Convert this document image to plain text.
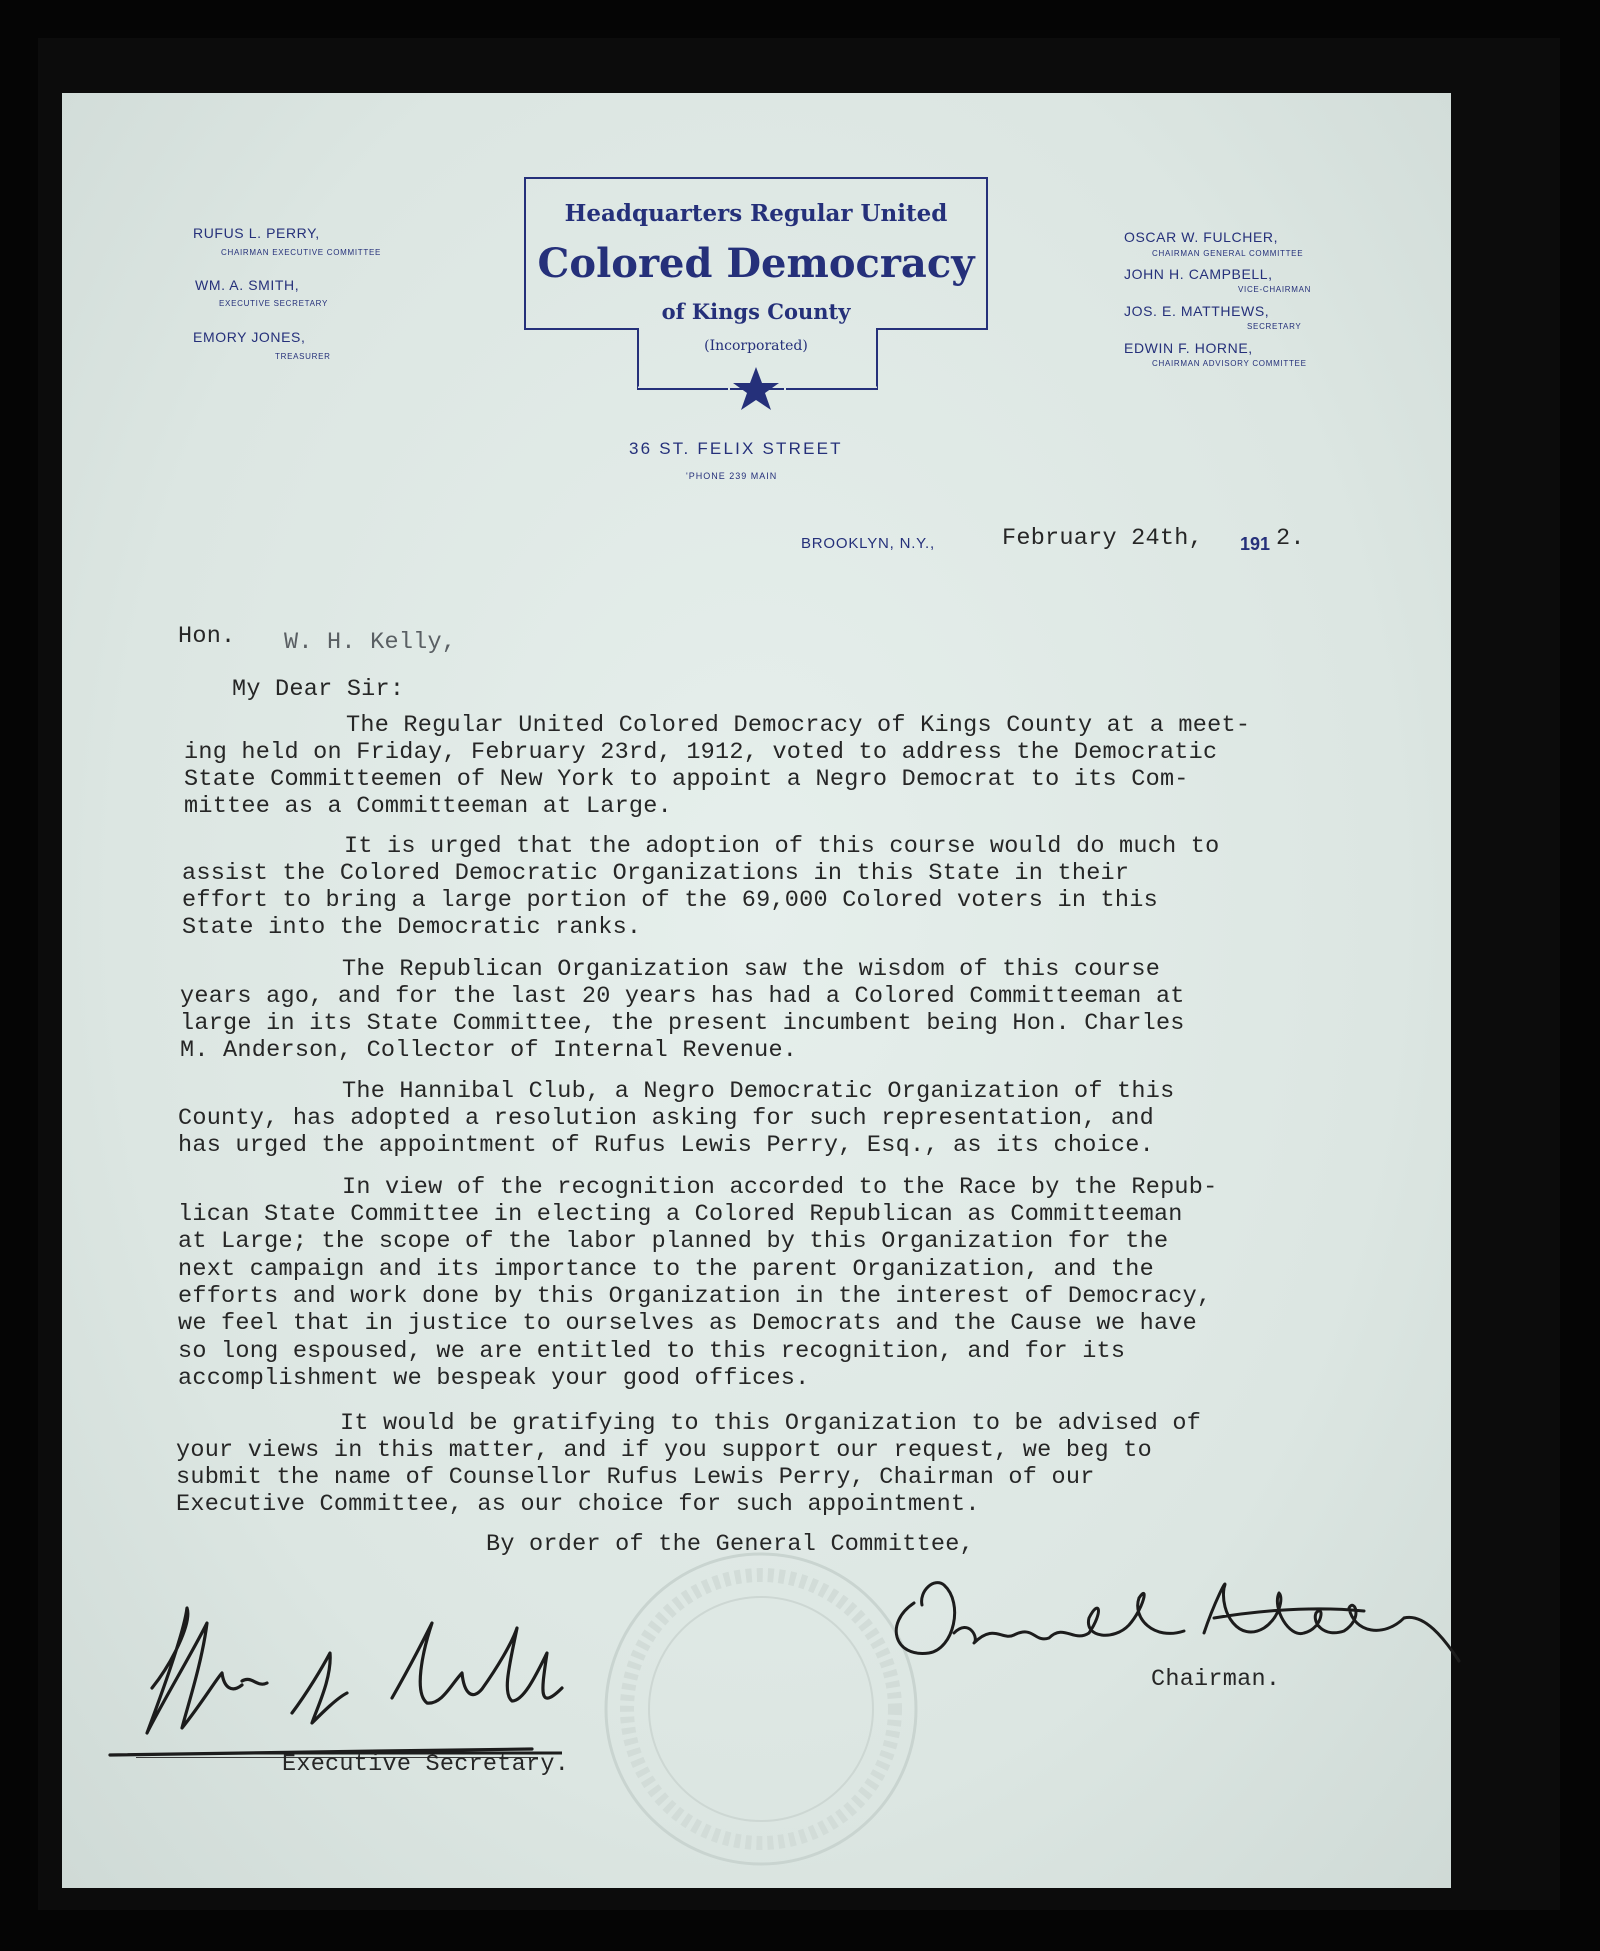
RUFUS L. PERRY,
CHAIRMAN EXECUTIVE COMMITTEE
WM. A. SMITH,
EXECUTIVE SECRETARY
EMORY JONES,
TREASURER
OSCAR W. FULCHER,
CHAIRMAN GENERAL COMMITTEE
JOHN H. CAMPBELL,
VICE-CHAIRMAN
JOS. E. MATTHEWS,
SECRETARY
EDWIN F. HORNE,
CHAIRMAN ADVISORY COMMITTEE
Headquarters Regular United
Colored Democracy
of Kings County
(Incorporated)
36 ST. FELIX STREET
'PHONE 239 MAIN
BROOKLYN, N.Y.,	February 24th, 191 2.
Hon. W. H. Kelly,
My Dear Sir:
The Regular United Colored Democracy of Kings County at a meet-
ing held on Friday, February 23rd, 1912, voted to address the Democratic
State Committeemen of New York to appoint a Negro Democrat to its Com-
mittee as a Committeeman at Large.
It is urged that the adoption of this course would do much to
assist the Colored Democratic Organizations in this State in their
effort to bring a large portion of the 69,000 Colored voters in this
State into the Democratic ranks.
The Republican Organization saw the wisdom of this course
years ago, and for the last 20 years has had a Colored Committeeman at
large in its State Committee, the present incumbent being Hon. Charles
M. Anderson, Collector of Internal Revenue.
The Hannibal Club, a Negro Democratic Organization of this
County, has adopted a resolution asking for such representation, and
has urged the appointment of Rufus Lewis Perry, Esq., as its choice.
In view of the recognition accorded to the Race by the Repub-
lican State Committee in electing a Colored Republican as Committeeman
at Large; the scope of the labor planned by this Organization for the
next campaign and its importance to the parent Organization, and the
efforts and work done by this Organization in the interest of Democracy,
we feel that in justice to ourselves as Democrats and the Cause we have
so long espoused, we are entitled to this recognition, and for its
accomplishment we bespeak your good offices.
It would be gratifying to this Organization to be advised of
your views in this matter, and if you support our request, we beg to
submit the name of Counsellor Rufus Lewis Perry, Chairman of our
Executive Committee, as our choice for such appointment.
By order of the General Committee,
Chairman.
Executive Secretary.
